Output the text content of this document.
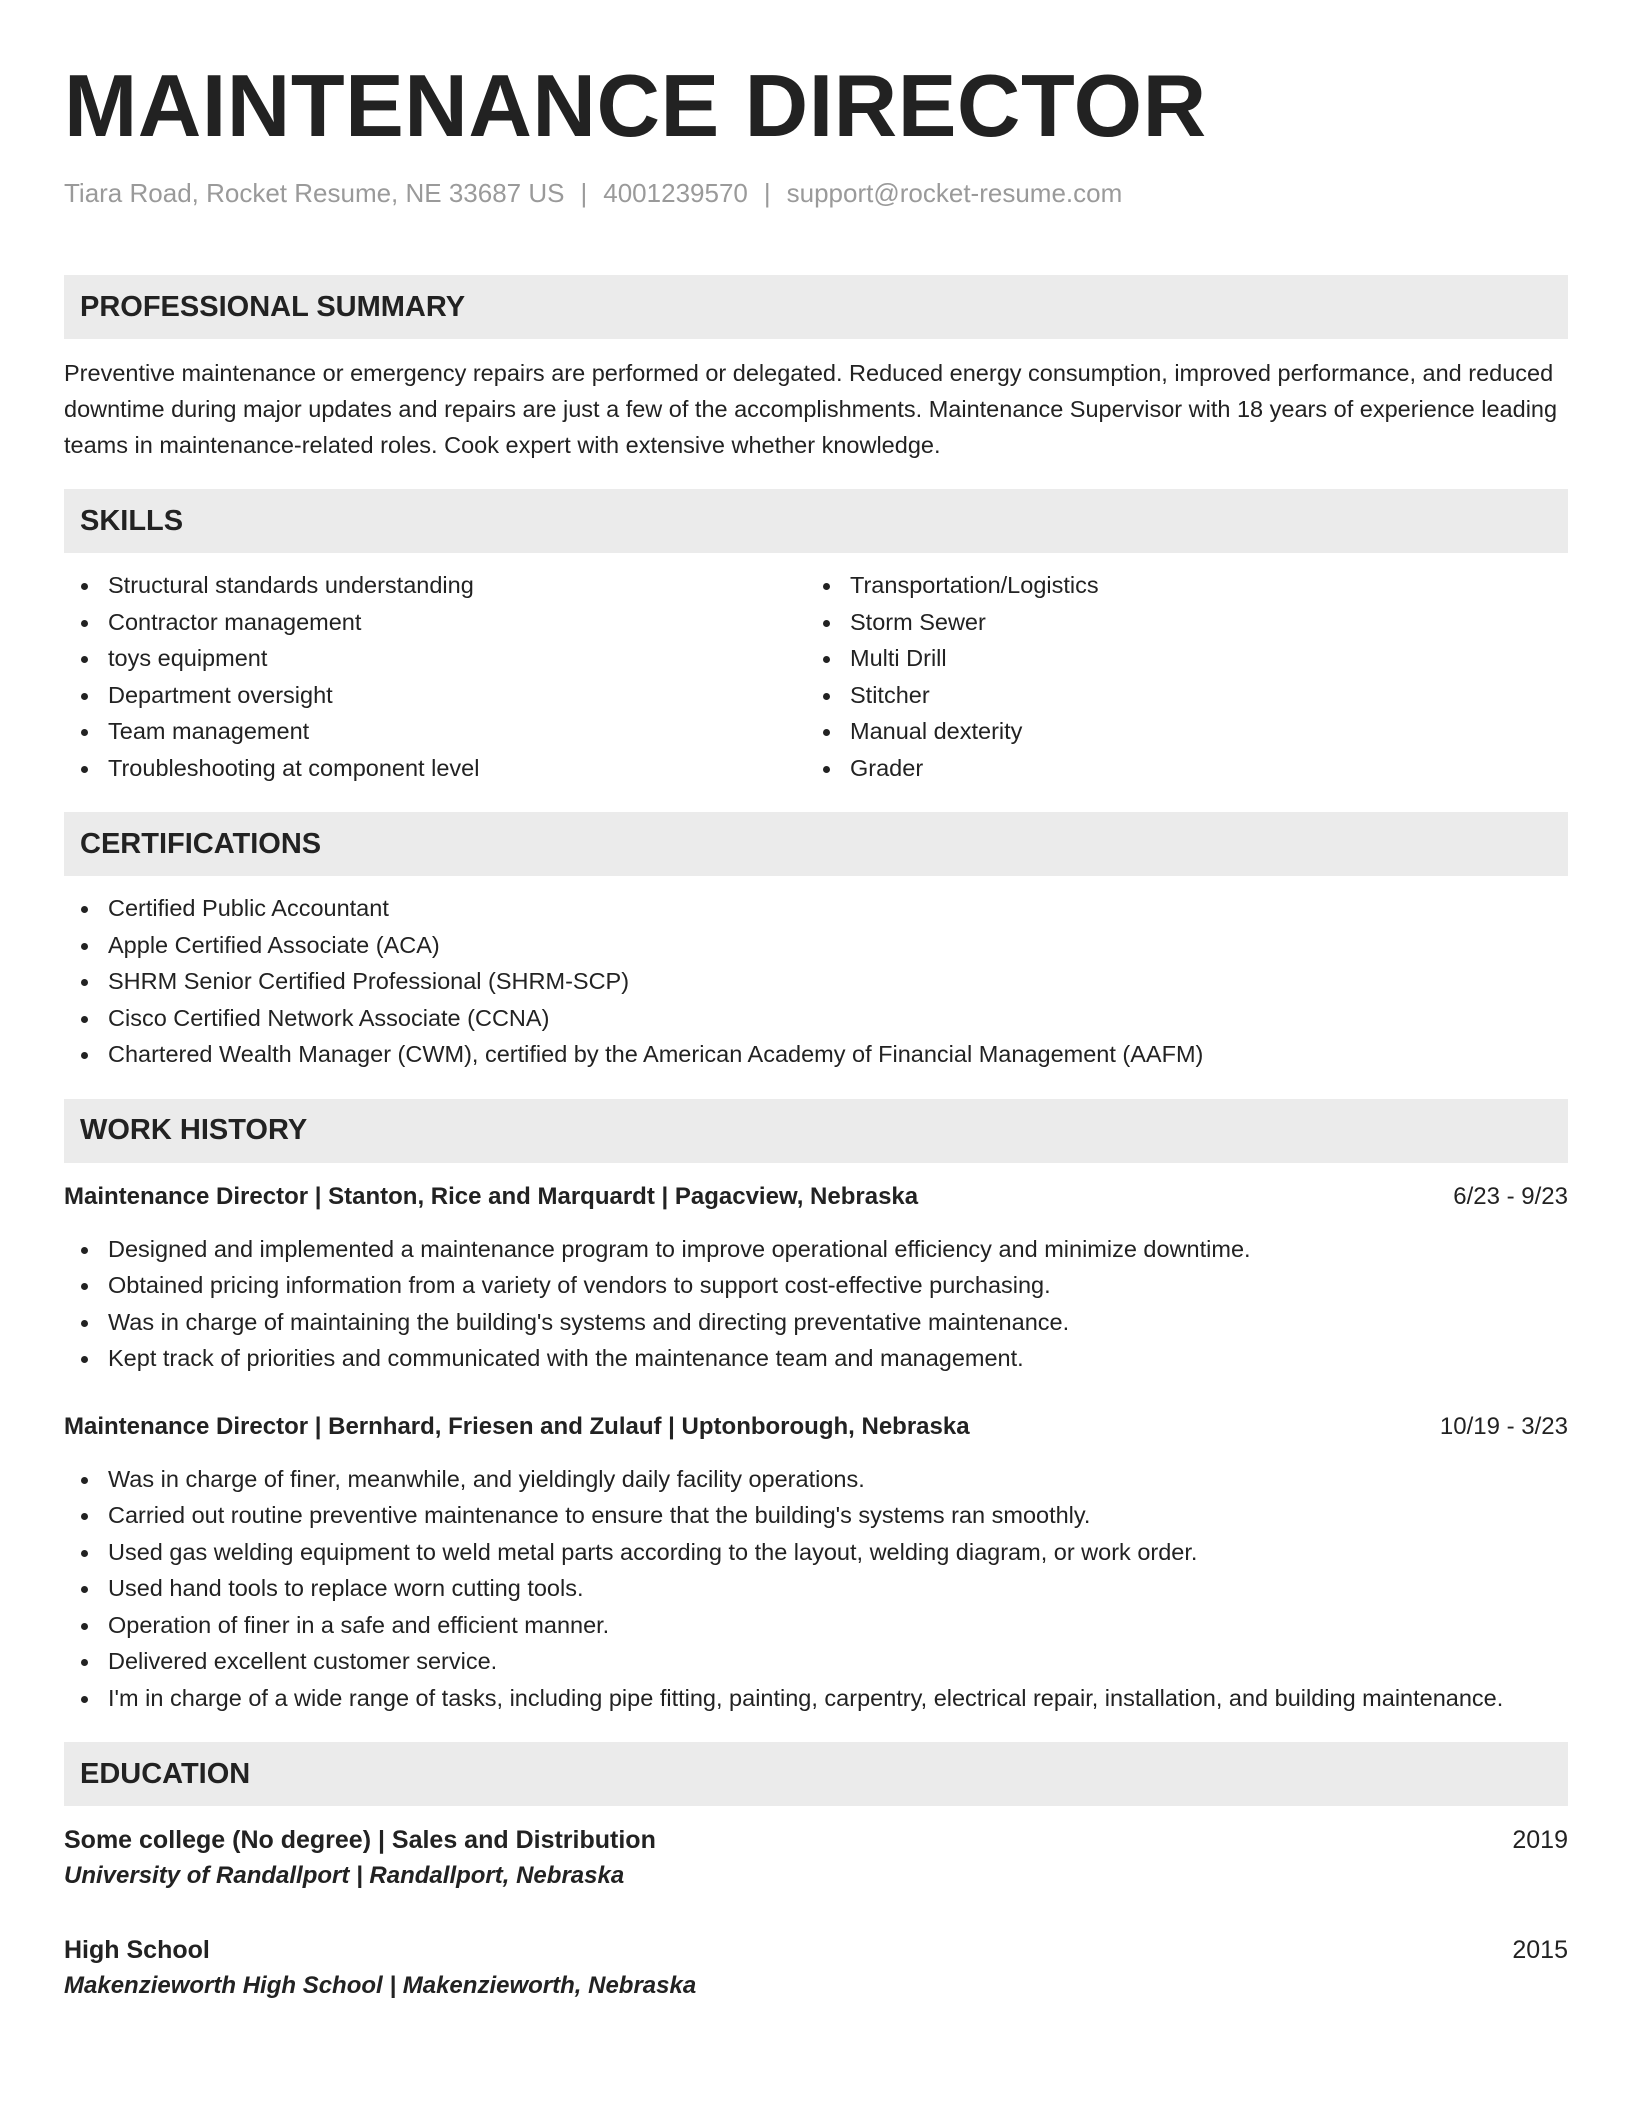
MAINTENANCE DIRECTOR
Tiara Road, Rocket Resume, NE 33687 US | 4001239570 | support@rocket-resume.com
PROFESSIONAL SUMMARY

Preventive maintenance or emergency repairs are performed or delegated. Reduced energy consumption, improved performance, and reduced downtime during major updates and repairs are just a few of the accomplishments. Maintenance Supervisor with 18 years of experience leading teams in maintenance-related roles. Cook expert with extensive whether knowledge.

SKILLS
Structural standards understanding
Contractor management
toys equipment
Department oversight
Team management
Troubleshooting at component level
Transportation/Logistics
Storm Sewer
Multi Drill
Stitcher
Manual dexterity
Grader
CERTIFICATIONS
Certified Public Accountant
Apple Certified Associate (ACA)
SHRM Senior Certified Professional (SHRM-SCP)
Cisco Certified Network Associate (CCNA)
Chartered Wealth Manager (CWM), certified by the American Academy of Financial Management (AAFM)
WORK HISTORY
Maintenance Director | Stanton, Rice and Marquardt | Pagacview, Nebraska	6/23 - 9/23
Designed and implemented a maintenance program to improve operational efficiency and minimize downtime.
Obtained pricing information from a variety of vendors to support cost-effective purchasing.
Was in charge of maintaining the building's systems and directing preventative maintenance.
Kept track of priorities and communicated with the maintenance team and management.
Maintenance Director | Bernhard, Friesen and Zulauf | Uptonborough, Nebraska	10/19 - 3/23
Was in charge of finer, meanwhile, and yieldingly daily facility operations.
Carried out routine preventive maintenance to ensure that the building's systems ran smoothly.
Used gas welding equipment to weld metal parts according to the layout, welding diagram, or work order.
Used hand tools to replace worn cutting tools.
Operation of finer in a safe and efficient manner.
Delivered excellent customer service.
I'm in charge of a wide range of tasks, including pipe fitting, painting, carpentry, electrical repair, installation, and building maintenance.
EDUCATION
Some college (No degree) | Sales and Distribution	2019
University of Randallport | Randallport, Nebraska
High School	2015
Makenzieworth High School | Makenzieworth, Nebraska
